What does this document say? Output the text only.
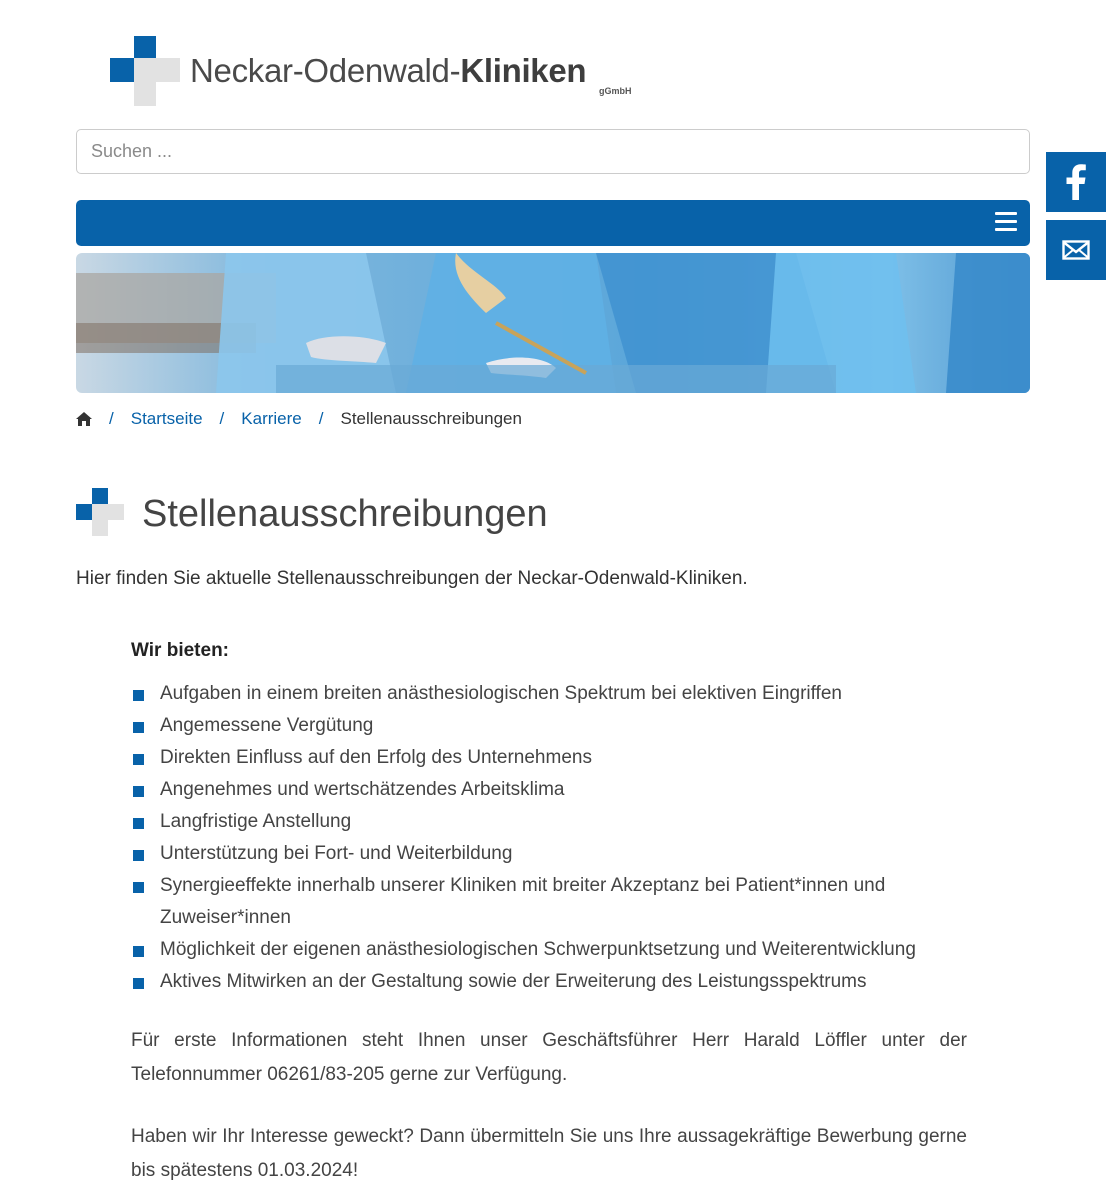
Neckar-Odenwald-Kliniken
gGmbH
Suchen ...
/ Startseite / Karriere / Stellenausschreibungen
Stellenausschreibungen

Hier finden Sie aktuelle Stellenausschreibungen der Neckar-Odenwald-Kliniken.

Wir bieten:

Aufgaben in einem breiten anästhesiologischen Spektrum bei elektiven Eingriffen
Angemessene Vergütung
Direkten Einfluss auf den Erfolg des Unternehmens
Angenehmes und wertschätzendes Arbeitsklima
Langfristige Anstellung
Unterstützung bei Fort- und Weiterbildung
Synergieeffekte innerhalb unserer Kliniken mit breiter Akzeptanz bei Patient*innen und Zuweiser*innen
Möglichkeit der eigenen anästhesiologischen Schwerpunktsetzung und Weiterentwicklung
Aktives Mitwirken an der Gestaltung sowie der Erweiterung des Leistungsspektrums

Für erste Informationen steht Ihnen unser Geschäftsführer Herr Harald Löffler unter der Telefonnummer 06261/83-205 gerne zur Verfügung.

Haben wir Ihr Interesse geweckt? Dann übermitteln Sie uns Ihre aussagekräftige Bewerbung gerne bis spätestens 01.03.2024!
